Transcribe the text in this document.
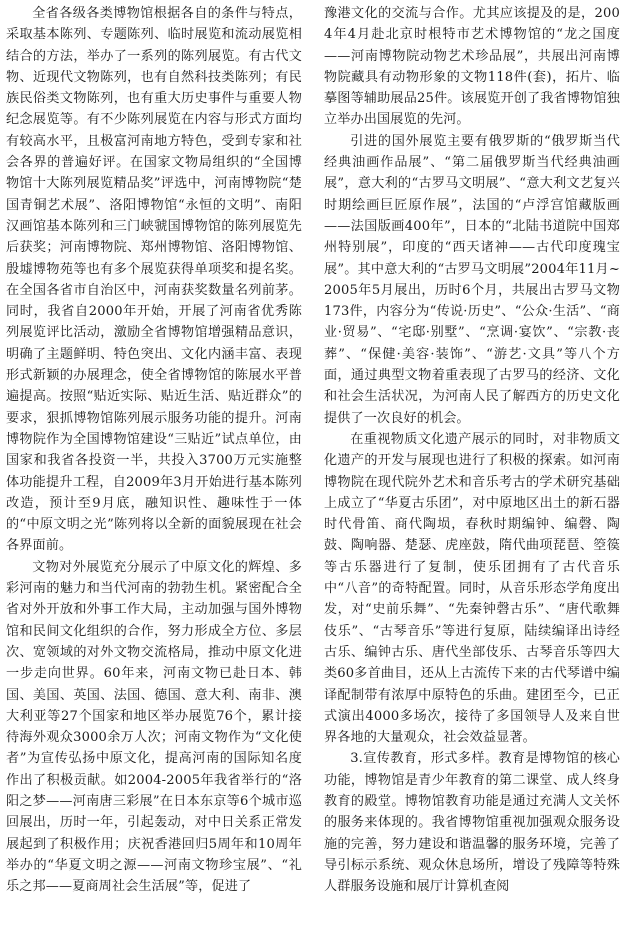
全省各级各类博物馆根据各自的条件与特点，采取基本陈列、专题陈列、临时展览和流动展览相结合的方法，举办了一系列的陈列展览。有古代文物、近现代文物陈列，也有自然科技类陈列；有民族民俗类文物陈列，也有重大历史事件与重要人物纪念展览等。有不少陈列展览在内容与形式方面均有较高水平，且极富河南地方特色，受到专家和社会各界的普遍好评。在国家文物局组织的“全国博物馆十大陈列展览精品奖”评选中，河南博物院“楚国青铜艺术展”、洛阳博物馆“永恒的文明”、南阳汉画馆基本陈列和三门峡虢国博物馆的陈列展览先后获奖；河南博物院、郑州博物馆、洛阳博物馆、殷墟博物苑等也有多个展览获得单项奖和提名奖。在全国各省市自治区中，河南获奖数量名列前茅。同时，我省自2000年开始，开展了河南省优秀陈列展览评比活动，激励全省博物馆增强精品意识，明确了主题鲜明、特色突出、文化内涵丰富、表现形式新颖的办展理念，使全省博物馆的陈展水平普遍提高。按照“贴近实际、贴近生活、贴近群众”的要求，狠抓博物馆陈列展示服务功能的提升。河南博物院作为全国博物馆建设“三贴近”试点单位，由国家和我省各投资一半，共投入3700万元实施整体功能提升工程，自2009年3月开始进行基本陈列改造，预计至9月底，融知识性、趣味性于一体的“中原文明之光”陈列将以全新的面貌展现在社会各界面前。

文物对外展览充分展示了中原文化的辉煌、多彩河南的魅力和当代河南的勃勃生机。紧密配合全省对外开放和外事工作大局，主动加强与国外博物馆和民间文化组织的合作，努力形成全方位、多层次、宽领域的对外文物交流格局，推动中原文化进一步走向世界。60年来，河南文物已赴日本、韩国、美国、英国、法国、德国、意大利、南非、澳大利亚等27个国家和地区举办展览76个，累计接待海外观众3000余万人次；河南文物作为“文化使者”为宣传弘扬中原文化，提高河南的国际知名度作出了积极贡献。如2004-2005年我省举行的“洛阳之梦——河南唐三彩展”在日本东京等6个城市巡回展出，历时一年，引起轰动，对中日关系正常发展起到了积极作用；庆祝香港回归5周年和10周年举办的“华夏文明之源——河南文物珍宝展”、“礼乐之邦——夏商周社会生活展”等，促进了

豫港文化的交流与合作。尤其应该提及的是，2004年4月赴北京时根特市艺术博物馆的“龙之国度——河南博物院动物艺术珍品展”，共展出河南博物院藏具有动物形象的文物118件(套)，拓片、临摹图等辅助展品25件。该展览开创了我省博物馆独立举办出国展览的先河。

引进的国外展览主要有俄罗斯的“俄罗斯当代经典油画作品展”、“第二届俄罗斯当代经典油画展”，意大利的“古罗马文明展”、“意大利文艺复兴时期绘画巨匠原作展”，法国的“卢浮宫馆藏版画——法国版画400年”，日本的“北陆书道院中国郑州特别展”，印度的“西天诸神——古代印度瑰宝展”。其中意大利的“古罗马文明展”2004年11月~2005年5月展出，历时6个月，共展出古罗马文物173件，内容分为“传说·历史”、“公众·生活”、“商业·贸易”、“宅邸·别墅”、“烹调·宴饮”、“宗教·丧葬”、“保健·美容·装饰”、“游艺·文具”等八个方面，通过典型文物着重表现了古罗马的经济、文化和社会生活状况，为河南人民了解西方的历史文化提供了一次良好的机会。

在重视物质文化遗产展示的同时，对非物质文化遗产的开发与展现也进行了积极的探索。如河南博物院在现代院外艺术和音乐考古的学术研究基础上成立了“华夏古乐团”，对中原地区出土的新石器时代骨笛、商代陶埙，春秋时期编钟、编磬、陶鼓、陶响器、楚瑟、虎座鼓，隋代曲项琵琶、箜篌等古乐器进行了复制，使乐团拥有了古代音乐中“八音”的奇特配置。同时，从音乐形态学角度出发，对“史前乐舞”、“先秦钟磬古乐”、“唐代歌舞伎乐”、“古琴音乐”等进行复原，陆续编译出诗经古乐、编钟古乐、唐代坐部伎乐、古琴音乐等四大类60多首曲目，还从上古流传下来的古代琴谱中编译配制带有浓厚中原特色的乐曲。建团至今，已正式演出4000多场次，接待了多国领导人及来自世界各地的大量观众，社会效益显著。

3.宣传教育，形式多样。教育是博物馆的核心功能，博物馆是青少年教育的第二课堂、成人终身教育的殿堂。博物馆教育功能是通过充满人文关怀的服务来体现的。我省博物馆重视加强观众服务设施的完善，努力建设和谐温馨的服务环境，完善了导引标示系统、观众休息场所，增设了残障等特殊人群服务设施和展厅计算机查阅
